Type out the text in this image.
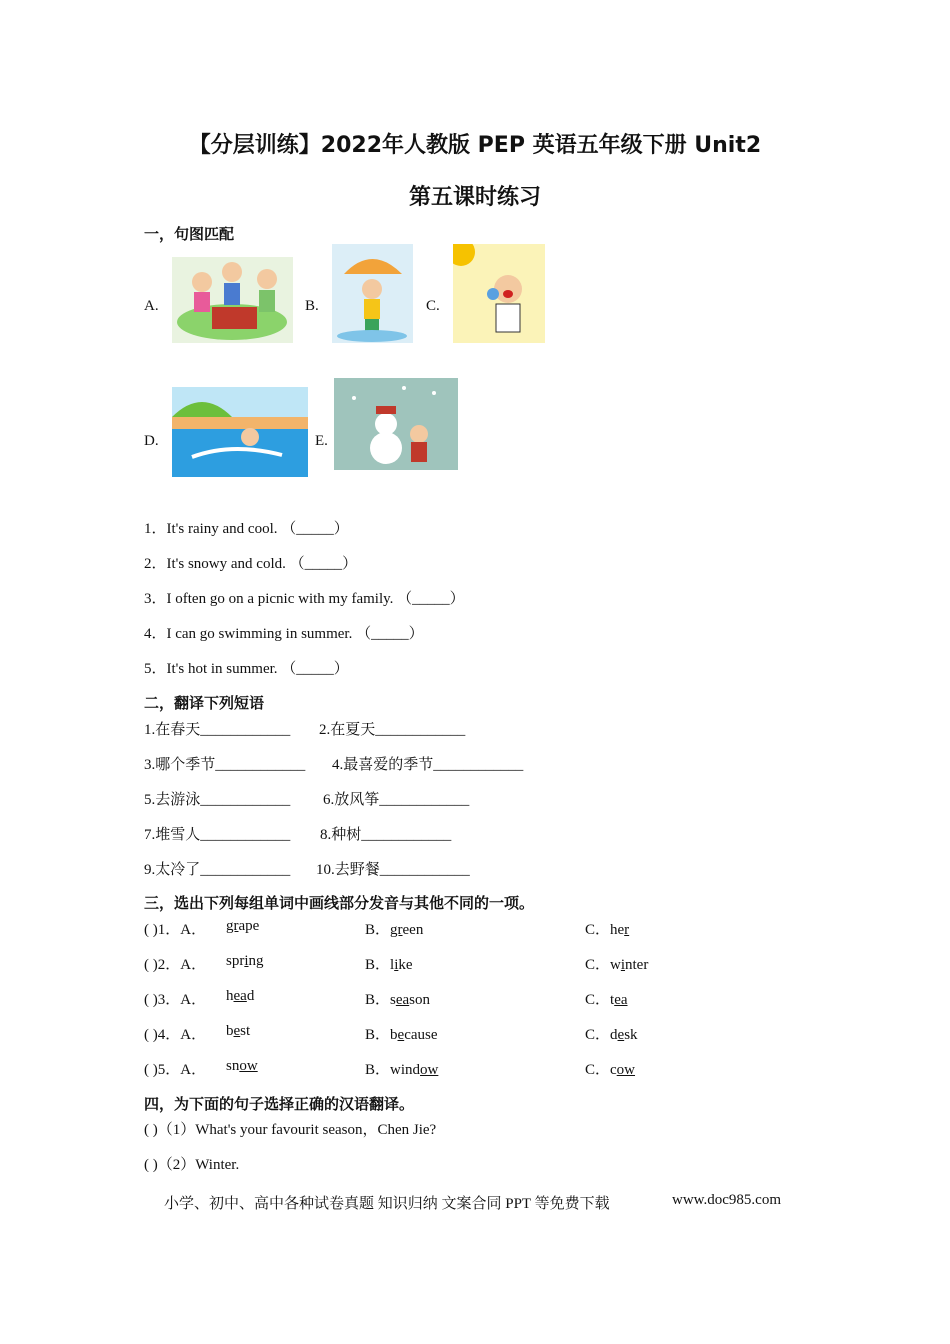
【分层训练】2022年人教版 PEP 英语五年级下册 Unit2
第五课时练习
一，句图匹配
A.	B.	C.
D.	E.
1．It's rainy and cool. （_____）
2．It's snowy and cold. （_____）
3．I often go on a picnic with my family. （_____）
4．I can go swimming in summer. （_____）
5．It's hot in summer. （_____）
二，翻译下列短语
1.在春天____________ 2.在夏天____________
3.哪个季节____________ 4.最喜爱的季节____________
5.去游泳____________ 6.放风筝____________
7.堆雪人____________ 8.种树____________
9.太冷了____________ 10.去野餐____________
三，选出下列每组单词中画线部分发音与其他不同的一项。
( )1．A． grape	B．green	C．her
( )2．A． spring	B．like	C．winter
( )3．A． head	B．season	C．tea
( )4．A． best	B．because	C．desk
( )5．A． snow	B．window	C．cow
四，为下面的句子选择正确的汉语翻译。
( )（1）What's your favourit season，Chen Jie?
( )（2）Winter.
小学、初中、高中各种试卷真题 知识归纳 文案合同 PPT 等免费下载	www.doc985.com
